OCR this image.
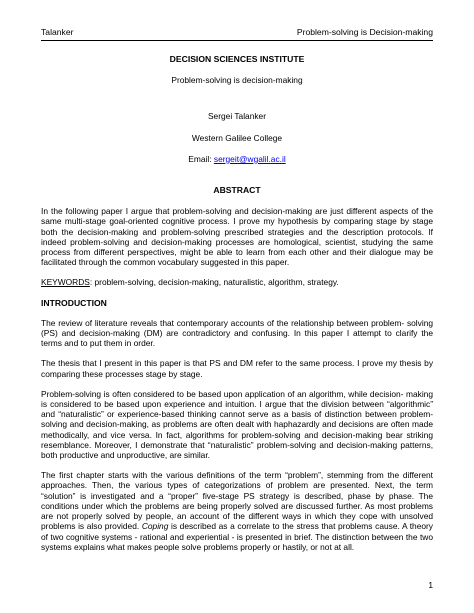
Talanker	Problem-solving is Decision-making
DECISION SCIENCES INSTITUTE
Problem-solving is decision-making
Sergei Talanker
Western Galilee College
Email: sergeit@wgalil.ac.il
ABSTRACT
In the following paper I argue that problem-solving and decision-making are just different aspects of the same multi-stage goal-oriented cognitive process. I prove my hypothesis by comparing stage by stage both the decision-making and problem-solving prescribed strategies and the description protocols. If indeed problem-solving and decision-making processes are homological, scientist, studying the same process from different perspectives, might be able to learn from each other and their dialogue may be facilitated through the common vocabulary suggested in this paper.
KEYWORDS: problem-solving, decision-making, naturalistic, algorithm, strategy.
INTRODUCTION
The review of literature reveals that contemporary accounts of the relationship between problem- solving (PS) and decision-making (DM) are contradictory and confusing. In this paper I attempt to clarify the terms and to put them in order.
The thesis that I present in this paper is that PS and DM refer to the same process. I prove my thesis by comparing these processes stage by stage.
Problem-solving is often considered to be based upon application of an algorithm, while decision- making is considered to be based upon experience and intuition. I argue that the division between “algorithmic” and “naturalistic” or experience-based thinking cannot serve as a basis of distinction between problem-solving and decision-making, as problems are often dealt with haphazardly and decisions are often made methodically, and vice versa. In fact, algorithms for problem-solving and decision-making bear striking resemblance. Moreover, I demonstrate that “naturalistic” problem-solving and decision-making patterns, both productive and unproductive, are similar.
The first chapter starts with the various definitions of the term “problem”, stemming from the different approaches. Then, the various types of categorizations of problem are presented. Next, the term “solution” is investigated and a “proper” five-stage PS strategy is described, phase by phase. The conditions under which the problems are being properly solved are discussed further. As most problems are not properly solved by people, an account of the different ways in which they cope with unsolved problems is also provided. Coping is described as a correlate to the stress that problems cause. A theory of two cognitive systems - rational and experiential - is presented in brief. The distinction between the two systems explains what makes people solve problems properly or hastily, or not at all.
1
